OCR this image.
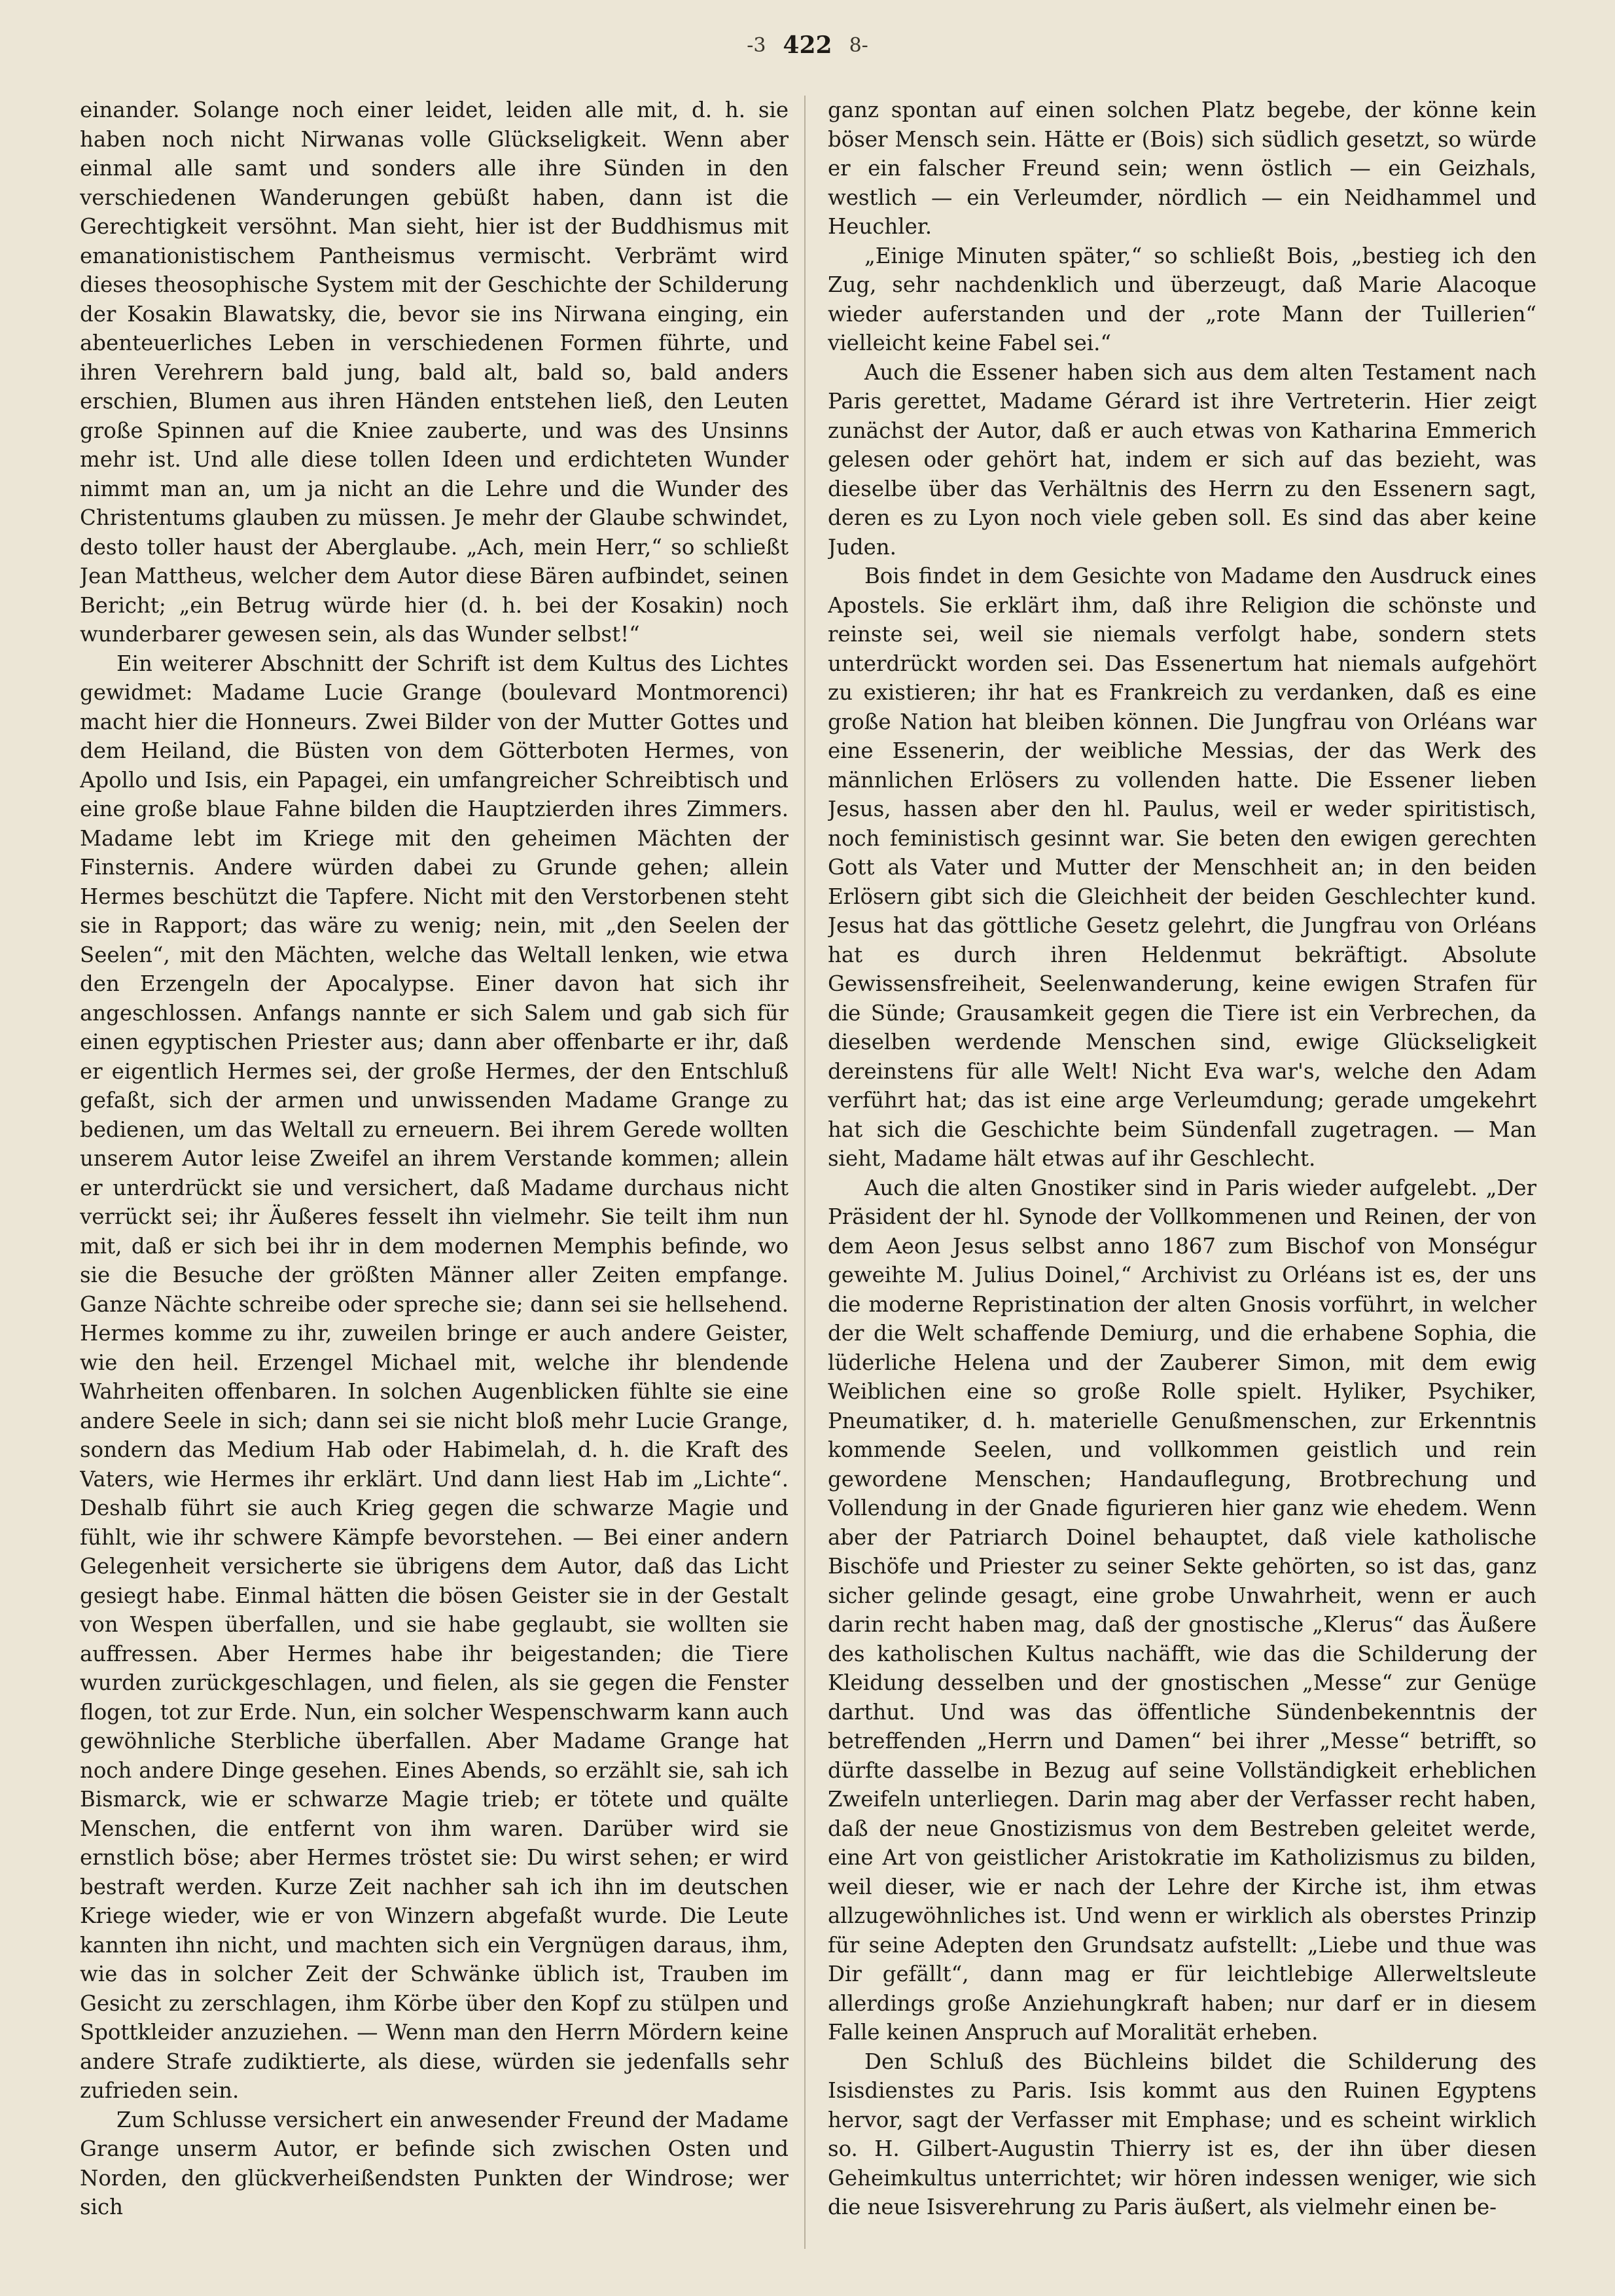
-3 422 8-

einander. Solange noch einer leidet, leiden alle mit, d. h. sie haben noch nicht Nirwanas volle Glückseligkeit. Wenn aber einmal alle samt und sonders alle ihre Sünden in den verschiedenen Wanderungen gebüßt haben, dann ist die Gerechtigkeit versöhnt. Man sieht, hier ist der Buddhismus mit emanationistischem Pantheismus vermischt. Verbrämt wird dieses theosophische System mit der Geschichte der Schilderung der Kosakin Blawatsky, die, bevor sie ins Nirwana einging, ein abenteuerliches Leben in verschiedenen Formen führte, und ihren Verehrern bald jung, bald alt, bald so, bald anders erschien, Blumen aus ihren Händen entstehen ließ, den Leuten große Spinnen auf die Kniee zauberte, und was des Unsinns mehr ist. Und alle diese tollen Ideen und erdichteten Wunder nimmt man an, um ja nicht an die Lehre und die Wunder des Christentums glauben zu müssen. Je mehr der Glaube schwindet, desto toller haust der Aberglaube. „Ach, mein Herr,“ so schließt Jean Mattheus, welcher dem Autor diese Bären aufbindet, seinen Bericht; „ein Betrug würde hier (d. h. bei der Kosakin) noch wunderbarer gewesen sein, als das Wunder selbst!“

Ein weiterer Abschnitt der Schrift ist dem Kultus des Lichtes gewidmet: Madame Lucie Grange (boulevard Montmorenci) macht hier die Honneurs. Zwei Bilder von der Mutter Gottes und dem Heiland, die Büsten von dem Götterboten Hermes, von Apollo und Isis, ein Papagei, ein umfangreicher Schreibtisch und eine große blaue Fahne bilden die Hauptzierden ihres Zimmers. Madame lebt im Kriege mit den geheimen Mächten der Finsternis. Andere würden dabei zu Grunde gehen; allein Hermes beschützt die Tapfere. Nicht mit den Verstorbenen steht sie in Rapport; das wäre zu wenig; nein, mit „den Seelen der Seelen“, mit den Mächten, welche das Weltall lenken, wie etwa den Erzengeln der Apocalypse. Einer davon hat sich ihr angeschlossen. Anfangs nannte er sich Salem und gab sich für einen egyptischen Priester aus; dann aber offenbarte er ihr, daß er eigentlich Hermes sei, der große Hermes, der den Entschluß gefaßt, sich der armen und unwissenden Madame Grange zu bedienen, um das Weltall zu erneuern. Bei ihrem Gerede wollten unserem Autor leise Zweifel an ihrem Verstande kommen; allein er unterdrückt sie und versichert, daß Madame durchaus nicht verrückt sei; ihr Äußeres fesselt ihn vielmehr. Sie teilt ihm nun mit, daß er sich bei ihr in dem modernen Memphis befinde, wo sie die Besuche der größten Männer aller Zeiten empfange. Ganze Nächte schreibe oder spreche sie; dann sei sie hellsehend. Hermes komme zu ihr, zuweilen bringe er auch andere Geister, wie den heil. Erzengel Michael mit, welche ihr blendende Wahrheiten offenbaren. In solchen Augenblicken fühlte sie eine andere Seele in sich; dann sei sie nicht bloß mehr Lucie Grange, sondern das Medium Hab oder Habimelah, d. h. die Kraft des Vaters, wie Hermes ihr erklärt. Und dann liest Hab im „Lichte“. Deshalb führt sie auch Krieg gegen die schwarze Magie und fühlt, wie ihr schwere Kämpfe bevorstehen. — Bei einer andern Gelegenheit versicherte sie übrigens dem Autor, daß das Licht gesiegt habe. Einmal hätten die bösen Geister sie in der Gestalt von Wespen überfallen, und sie habe geglaubt, sie wollten sie auffressen. Aber Hermes habe ihr beigestanden; die Tiere wurden zurückgeschlagen, und fielen, als sie gegen die Fenster flogen, tot zur Erde. Nun, ein solcher Wespenschwarm kann auch gewöhnliche Sterbliche überfallen. Aber Madame Grange hat noch andere Dinge gesehen. Eines Abends, so erzählt sie, sah ich Bismarck, wie er schwarze Magie trieb; er tötete und quälte Menschen, die entfernt von ihm waren. Darüber wird sie ernstlich böse; aber Hermes tröstet sie: Du wirst sehen; er wird bestraft werden. Kurze Zeit nachher sah ich ihn im deutschen Kriege wieder, wie er von Winzern abgefaßt wurde. Die Leute kannten ihn nicht, und machten sich ein Vergnügen daraus, ihm, wie das in solcher Zeit der Schwänke üblich ist, Trauben im Gesicht zu zerschlagen, ihm Körbe über den Kopf zu stülpen und Spottkleider anzuziehen. — Wenn man den Herrn Mördern keine andere Strafe zudiktierte, als diese, würden sie jedenfalls sehr zufrieden sein.

Zum Schlusse versichert ein anwesender Freund der Madame Grange unserm Autor, er befinde sich zwischen Osten und Norden, den glückverheißendsten Punkten der Windrose; wer sich

ganz spontan auf einen solchen Platz begebe, der könne kein böser Mensch sein. Hätte er (Bois) sich südlich gesetzt, so würde er ein falscher Freund sein; wenn östlich — ein Geizhals, westlich — ein Verleumder, nördlich — ein Neidhammel und Heuchler.

„Einige Minuten später,“ so schließt Bois, „bestieg ich den Zug, sehr nachdenklich und überzeugt, daß Marie Alacoque wieder auferstanden und der „rote Mann der Tuillerien“ vielleicht keine Fabel sei.“

Auch die Essener haben sich aus dem alten Testament nach Paris gerettet, Madame Gérard ist ihre Vertreterin. Hier zeigt zunächst der Autor, daß er auch etwas von Katharina Emmerich gelesen oder gehört hat, indem er sich auf das bezieht, was dieselbe über das Verhältnis des Herrn zu den Essenern sagt, deren es zu Lyon noch viele geben soll. Es sind das aber keine Juden.

Bois findet in dem Gesichte von Madame den Ausdruck eines Apostels. Sie erklärt ihm, daß ihre Religion die schönste und reinste sei, weil sie niemals verfolgt habe, sondern stets unterdrückt worden sei. Das Essenertum hat niemals aufgehört zu existieren; ihr hat es Frankreich zu verdanken, daß es eine große Nation hat bleiben können. Die Jungfrau von Orléans war eine Essenerin, der weibliche Messias, der das Werk des männlichen Erlösers zu vollenden hatte. Die Essener lieben Jesus, hassen aber den hl. Paulus, weil er weder spiritistisch, noch feministisch gesinnt war. Sie beten den ewigen gerechten Gott als Vater und Mutter der Menschheit an; in den beiden Erlösern gibt sich die Gleichheit der beiden Geschlechter kund. Jesus hat das göttliche Gesetz gelehrt, die Jungfrau von Orléans hat es durch ihren Heldenmut bekräftigt. Absolute Gewissensfreiheit, Seelenwanderung, keine ewigen Strafen für die Sünde; Grausamkeit gegen die Tiere ist ein Verbrechen, da dieselben werdende Menschen sind, ewige Glückseligkeit dereinstens für alle Welt! Nicht Eva war's, welche den Adam verführt hat; das ist eine arge Verleumdung; gerade umgekehrt hat sich die Geschichte beim Sündenfall zugetragen. — Man sieht, Madame hält etwas auf ihr Geschlecht.

Auch die alten Gnostiker sind in Paris wieder aufgelebt. „Der Präsident der hl. Synode der Vollkommenen und Reinen, der von dem Aeon Jesus selbst anno 1867 zum Bischof von Monségur geweihte M. Julius Doinel,“ Archivist zu Orléans ist es, der uns die moderne Repristination der alten Gnosis vorführt, in welcher der die Welt schaffende Demiurg, und die erhabene Sophia, die lüderliche Helena und der Zauberer Simon, mit dem ewig Weiblichen eine so große Rolle spielt. Hyliker, Psychiker, Pneumatiker, d. h. materielle Genußmenschen, zur Erkenntnis kommende Seelen, und vollkommen geistlich und rein gewordene Menschen; Handauflegung, Brotbrechung und Vollendung in der Gnade figurieren hier ganz wie ehedem. Wenn aber der Patriarch Doinel behauptet, daß viele katholische Bischöfe und Priester zu seiner Sekte gehörten, so ist das, ganz sicher gelinde gesagt, eine grobe Unwahrheit, wenn er auch darin recht haben mag, daß der gnostische „Klerus“ das Äußere des katholischen Kultus nachäfft, wie das die Schilderung der Kleidung desselben und der gnostischen „Messe“ zur Genüge darthut. Und was das öffentliche Sündenbekenntnis der betreffenden „Herrn und Damen“ bei ihrer „Messe“ betrifft, so dürfte dasselbe in Bezug auf seine Vollständigkeit erheblichen Zweifeln unterliegen. Darin mag aber der Verfasser recht haben, daß der neue Gnostizismus von dem Bestreben geleitet werde, eine Art von geistlicher Aristokratie im Katholizismus zu bilden, weil dieser, wie er nach der Lehre der Kirche ist, ihm etwas allzugewöhnliches ist. Und wenn er wirklich als oberstes Prinzip für seine Adepten den Grundsatz aufstellt: „Liebe und thue was Dir gefällt“, dann mag er für leichtlebige Allerweltsleute allerdings große Anziehungkraft haben; nur darf er in diesem Falle keinen Anspruch auf Moralität erheben.

Den Schluß des Büchleins bildet die Schilderung des Isisdienstes zu Paris. Isis kommt aus den Ruinen Egyptens hervor, sagt der Verfasser mit Emphase; und es scheint wirklich so. H. Gilbert-Augustin Thierry ist es, der ihn über diesen Geheimkultus unterrichtet; wir hören indessen weniger, wie sich die neue Isisverehrung zu Paris äußert, als vielmehr einen be-
